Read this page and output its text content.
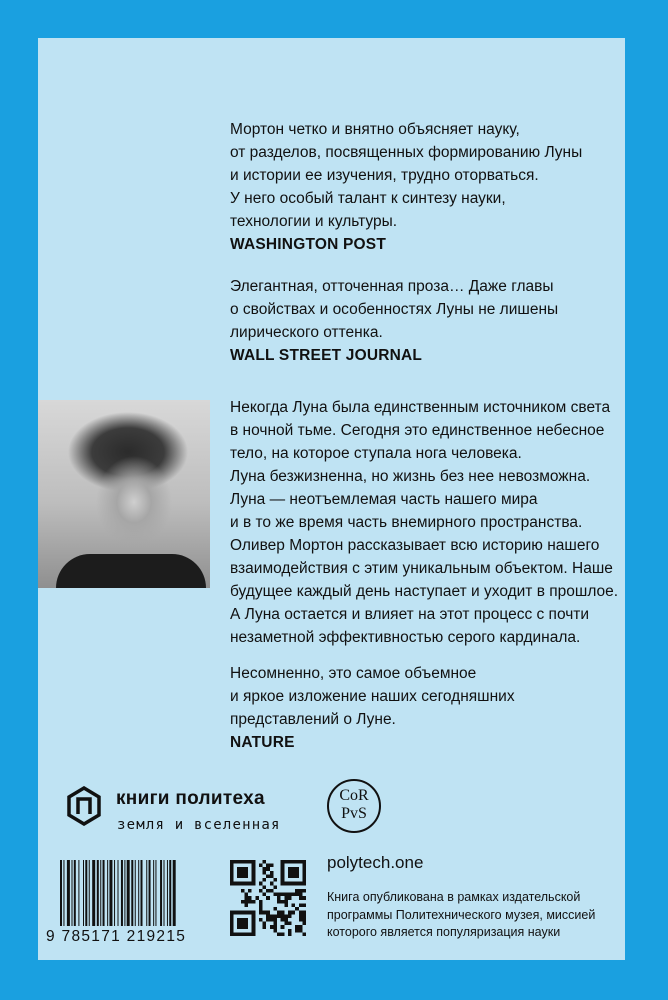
Мортон четко и внятно объясняет науку,

от разделов, посвященных формированию Луны

и истории ее изучения, трудно оторваться.

У него особый талант к синтезу науки,

технологии и культуры.

WASHINGTON POST

Элегантная, отточенная проза… Даже главы

о свойствах и особенностях Луны не лишены

лирического оттенка.

WALL STREET JOURNAL

Некогда Луна была единственным источником света

в ночной тьме. Сегодня это единственное небесное

тело, на которое ступала нога человека.

Луна безжизненна, но жизнь без нее невозможна.

Луна — неотъемлемая часть нашего мира

и в то же время часть внемирного пространства.

Оливер Мортон рассказывает всю историю нашего

взаимодействия с этим уникальным объектом. Наше

будущее каждый день наступает и уходит в прошлое.

А Луна остается и влияет на этот процесс с почти

незаметной эффективностью серого кардинала.

Несомненно, это самое объемное

и яркое изложение наших сегодняшних

представлений о Луне.

NATURE

книги политеха
земля и вселенная
CoR
PvS
9 785171 219215
polytech.one

Книга опубликована в рамках издательской

программы Политехнического музея, миссией

которого является популяризация науки
